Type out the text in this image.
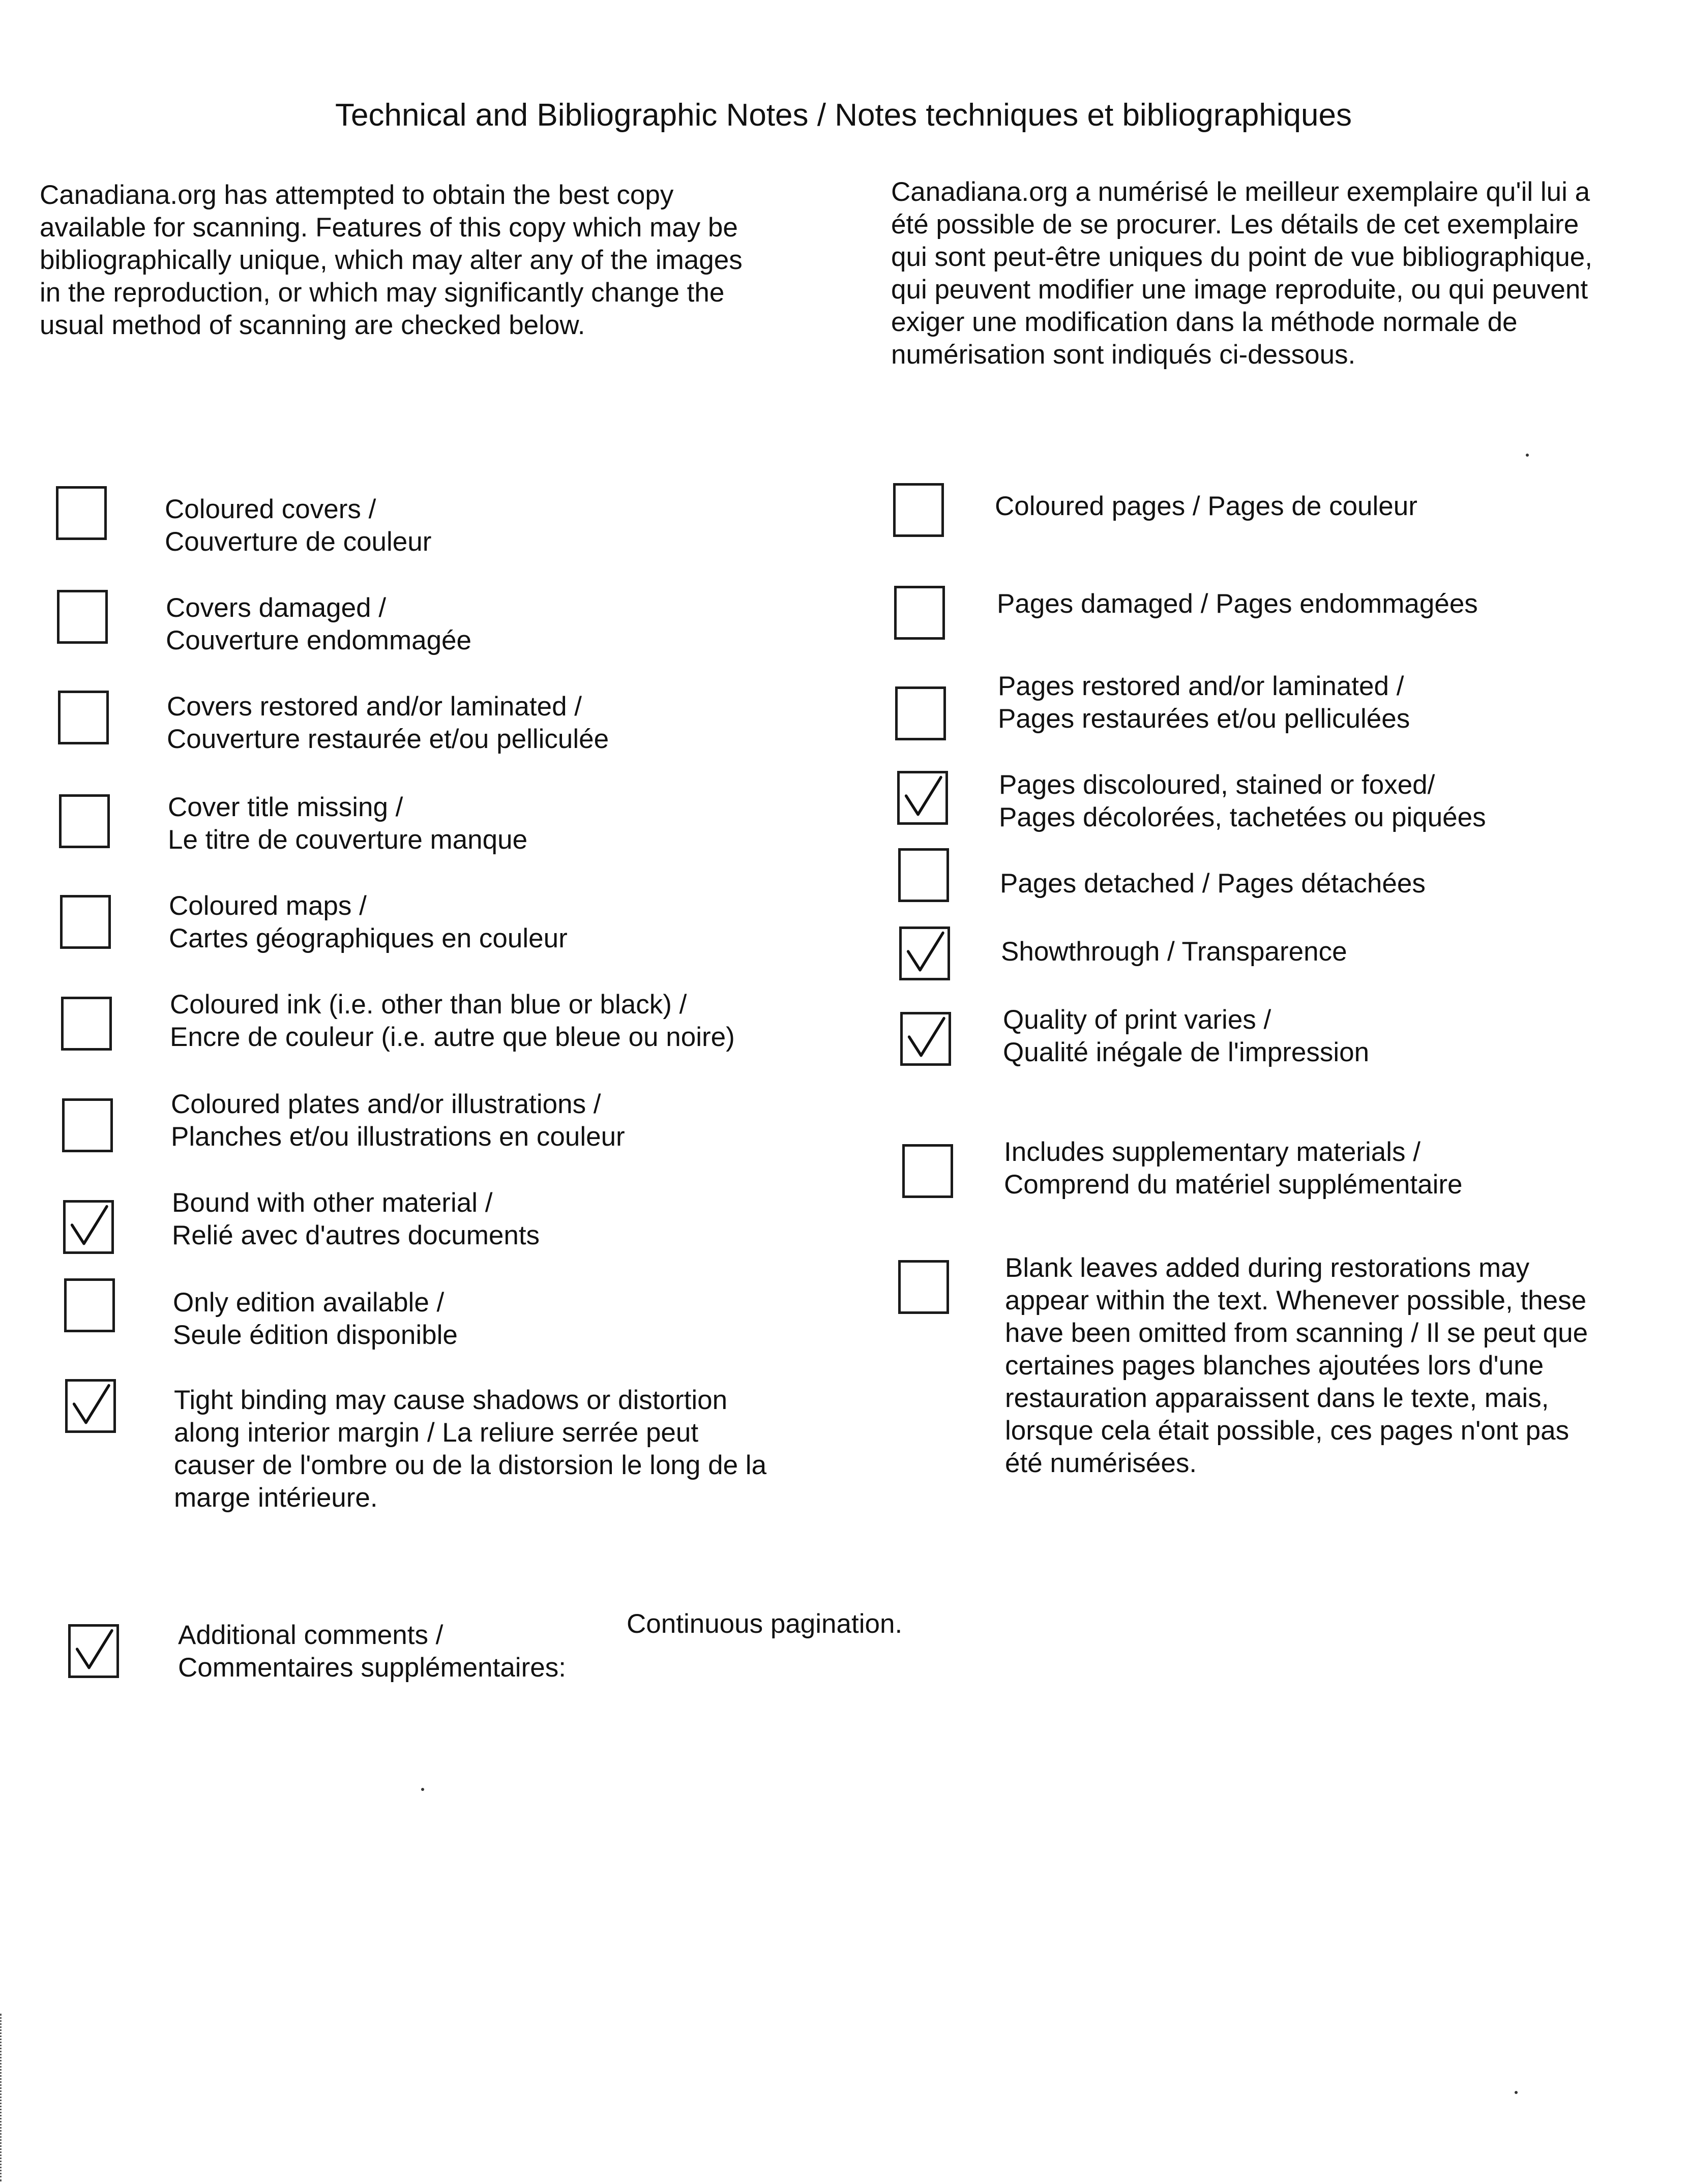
Technical and Bibliographic Notes / Notes techniques et bibliographiques
Canadiana.org has attempted to obtain the best copy
available for scanning. Features of this copy which may be
bibliographically unique, which may alter any of the images
in the reproduction, or which may significantly change the
usual method of scanning are checked below.
Canadiana.org a numérisé le meilleur exemplaire qu'il lui a
été possible de se procurer. Les détails de cet exemplaire
qui sont peut-être uniques du point de vue bibliographique,
qui peuvent modifier une image reproduite, ou qui peuvent
exiger une modification dans la méthode normale de
numérisation sont indiqués ci-dessous.
Coloured covers /
Couverture de couleur
Covers damaged /
Couverture endommagée
Covers restored and/or laminated /
Couverture restaurée et/ou pelliculée
Cover title missing /
Le titre de couverture manque
Coloured maps /
Cartes géographiques en couleur
Coloured ink (i.e. other than blue or black) /
Encre de couleur (i.e. autre que bleue ou noire)
Coloured plates and/or illustrations /
Planches et/ou illustrations en couleur
Bound with other material /
Relié avec d'autres documents
Only edition available /
Seule édition disponible
Tight binding may cause shadows or distortion
along interior margin / La reliure serrée peut
causer de l'ombre ou de la distorsion le long de la
marge intérieure.
Coloured pages / Pages de couleur
Pages damaged / Pages endommagées
Pages restored and/or laminated /
Pages restaurées et/ou pelliculées
Pages discoloured, stained or foxed/
Pages décolorées, tachetées ou piquées
Pages detached / Pages détachées
Showthrough / Transparence
Quality of print varies /
Qualité inégale de l'impression
Includes supplementary materials /
Comprend du matériel supplémentaire
Blank leaves added during restorations may
appear within the text. Whenever possible, these
have been omitted from scanning / Il se peut que
certaines pages blanches ajoutées lors d'une
restauration apparaissent dans le texte, mais,
lorsque cela était possible, ces pages n'ont pas
été numérisées.
Additional comments /
Commentaires supplémentaires:
Continuous pagination.
